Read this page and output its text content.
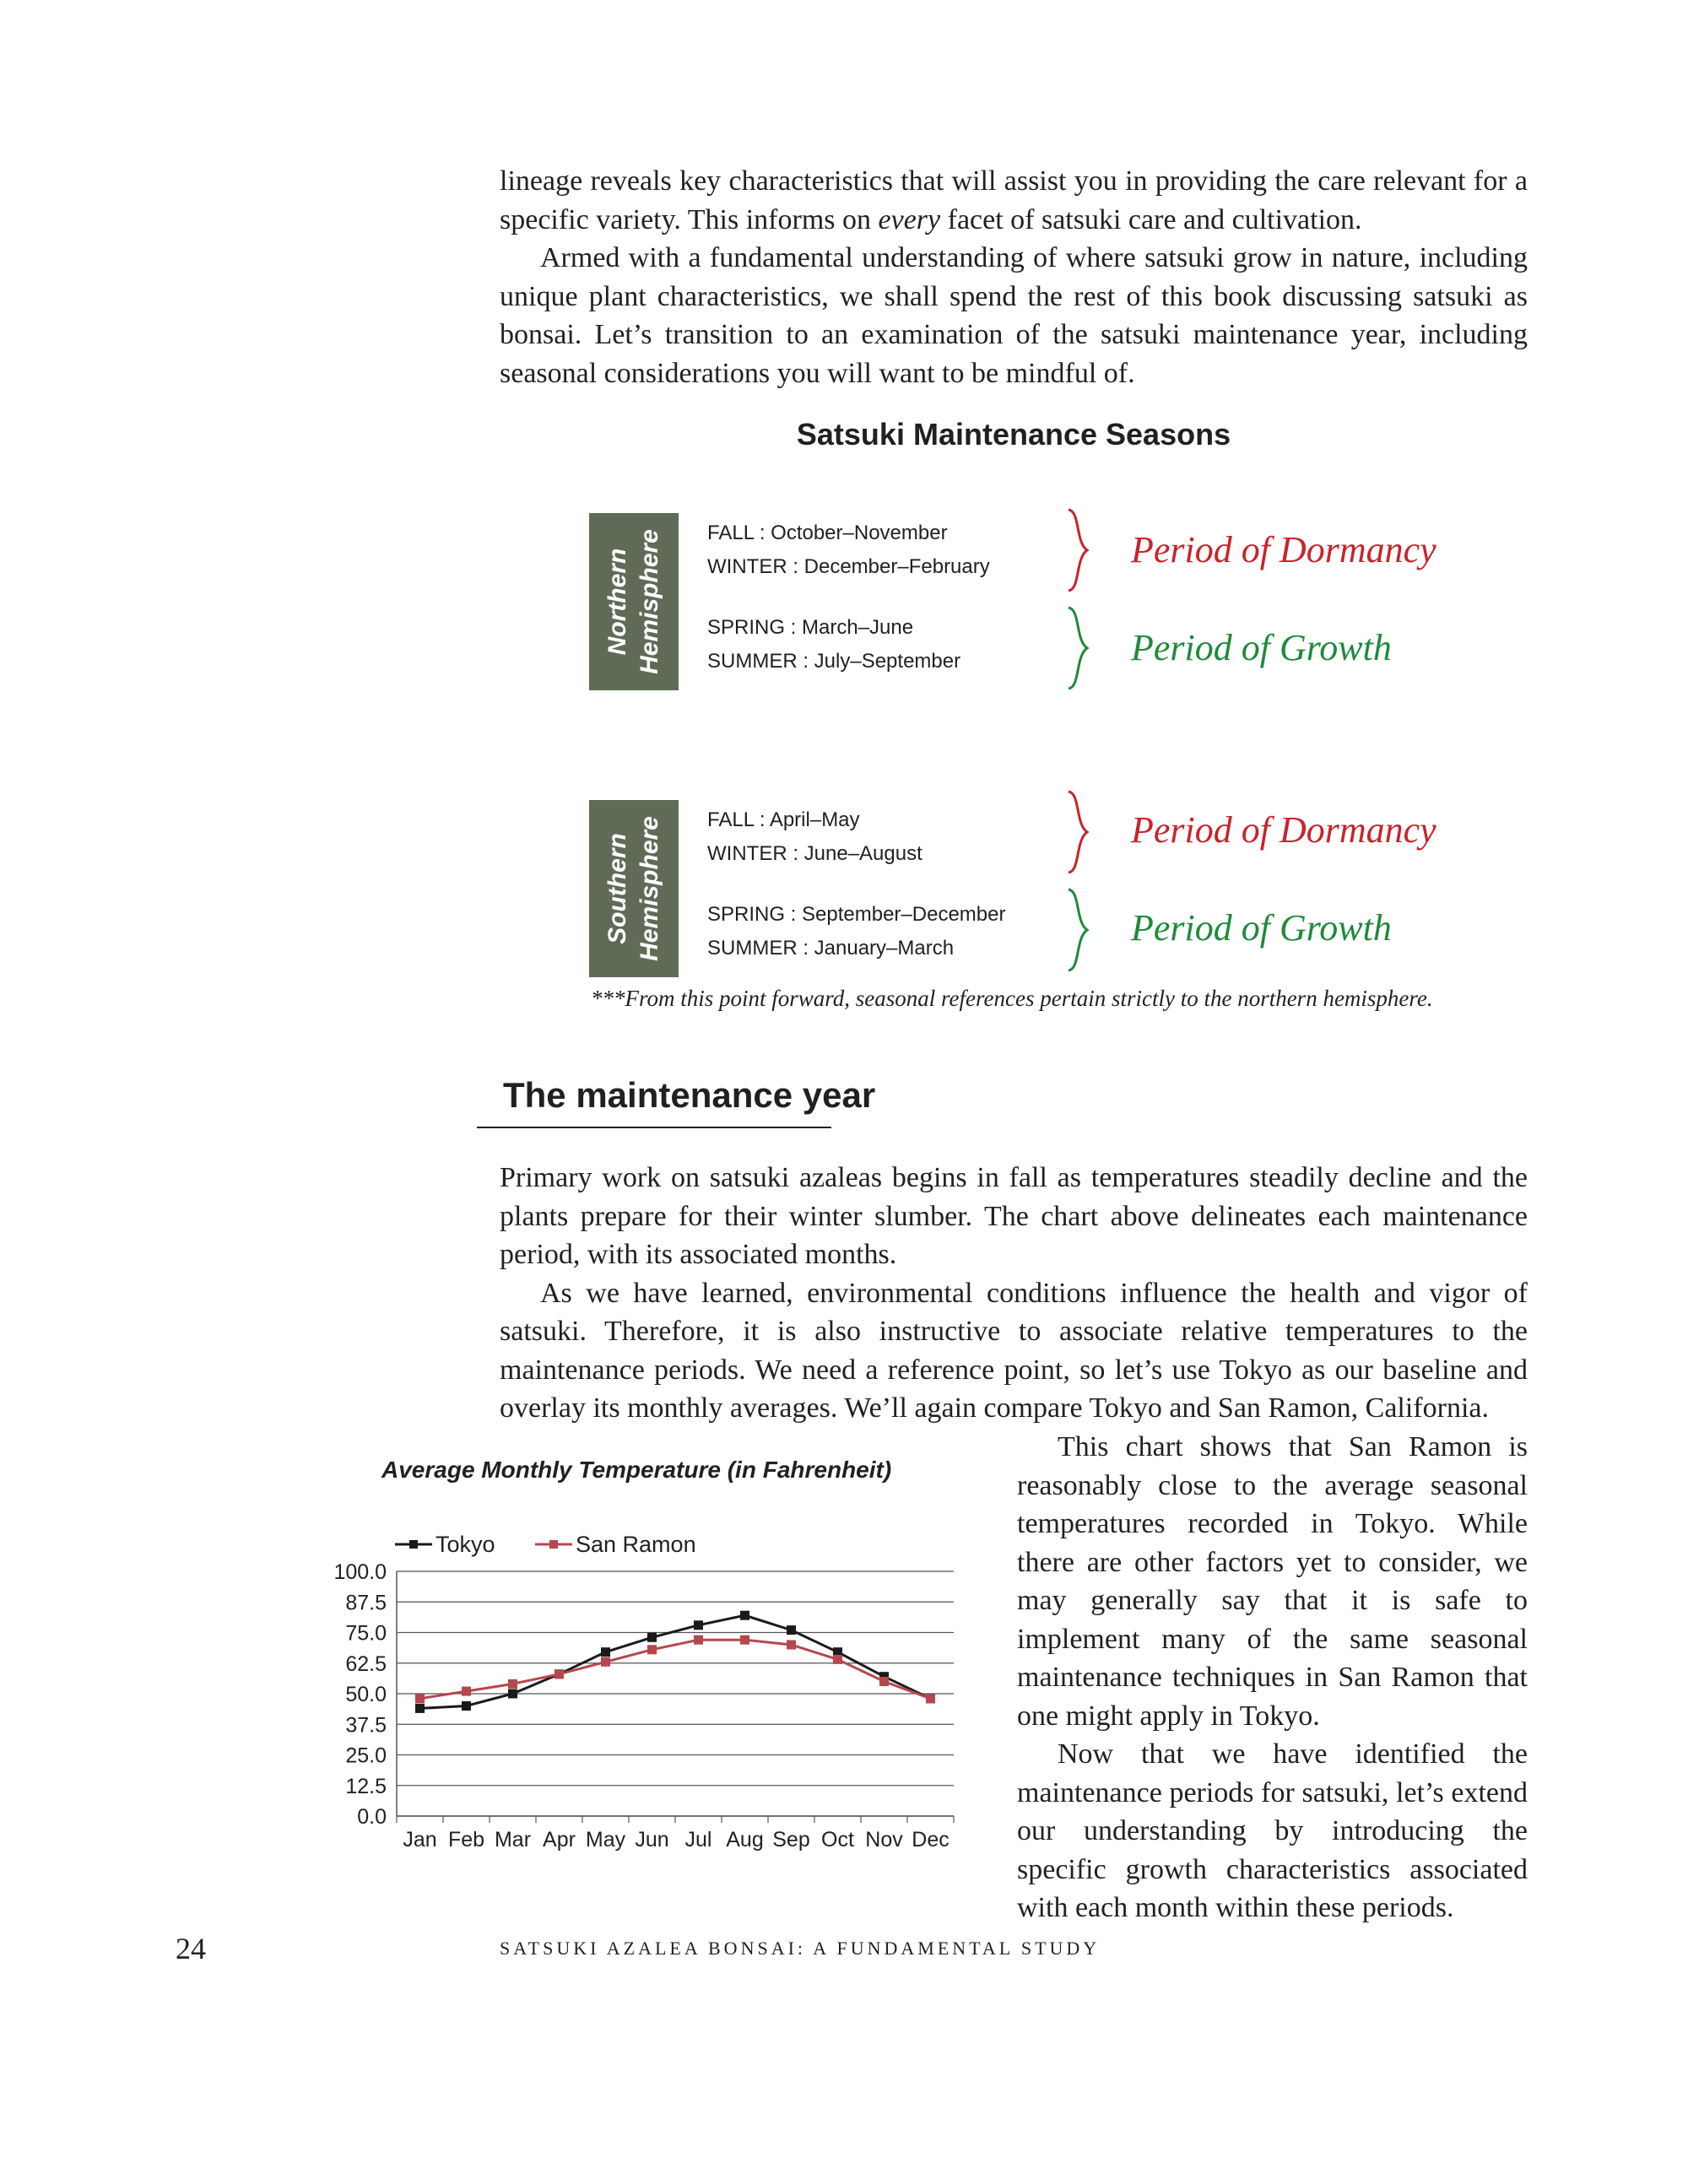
lineage reveals key characteristics that will assist you in providing the care relevant for a specific variety. This informs on every facet of satsuki care and cultivation.

Armed with a fundamental understanding of where satsuki grow in nature, including unique plant characteristics, we shall spend the rest of this book discussing satsuki as bonsai. Let’s transition to an examination of the satsuki maintenance year, including seasonal considerations you will want to be mindful of.

Satsuki Maintenance Seasons
Northern
Hemisphere FALL : October–November
WINTER : December–February
SPRING : March–June
SUMMER : July–September
Period of Dormancy
Period of Growth
Southern
Hemisphere FALL : April–May
WINTER : June–August
SPRING : September–December
SUMMER : January–March
Period of Dormancy
Period of Growth
***From this point forward, seasonal references pertain strictly to the northern hemisphere.
The maintenance year

Primary work on satsuki azaleas begins in fall as temperatures steadily decline and the plants prepare for their winter slumber. The chart above delineates each maintenance period, with its associated months.

As we have learned, environmental conditions influence the health and vigor of satsuki. Therefore, it is also instructive to associate relative temperatures to the maintenance periods. We need a reference point, so let’s use Tokyo as our baseline and overlay its monthly averages. We’ll again compare Tokyo and San Ramon, California.

This chart shows that San Ramon is reasonably close to the average seasonal temperatures recorded in Tokyo. While there are other factors yet to consider, we may generally say that it is safe to implement many of the same seasonal maintenance techniques in San Ramon that one might apply in Tokyo.

Now that we have identified the maintenance periods for satsuki, let’s extend our understanding by introducing the specific growth characteristics associated with each month within these periods.

Average Monthly Temperature (in Fahrenheit)
0.0
12.5
25.0
37.5
50.0
62.5
75.0
87.5
100.0
Jan Feb Mar Apr May Jun Jul Aug Sep Oct Nov Dec
Tokyo	San Ramon
24	SATSUKI AZALEA BONSAI: A FUNDAMENTAL STUDY
